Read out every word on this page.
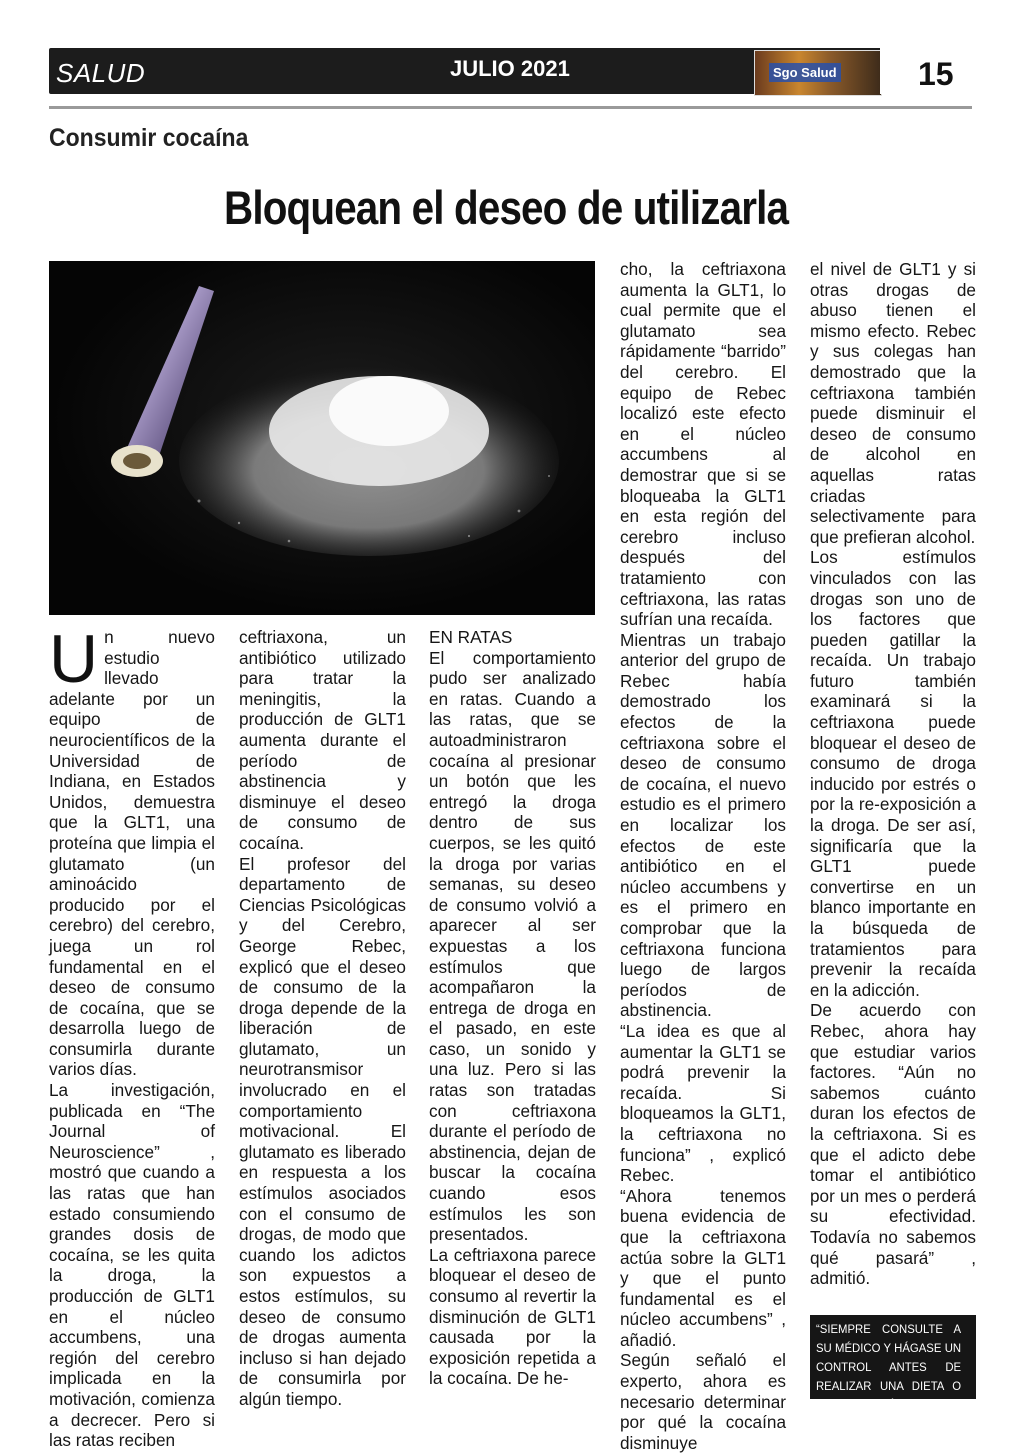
SALUD	JULIO 2021	Sgo Salud	15
Consumir cocaína
Bloquean el deseo de utilizarla

Un nuevo estudio llevado adelante por un equipo de neurocientíficos de la Universidad de Indiana, en Estados Unidos, demuestra que la GLT1, una proteína que limpia el glutamato (un aminoácido producido por el cerebro) del cerebro, juega un rol fundamental en el deseo de consumo de cocaína, que se desarrolla luego de consumirla durante varios días.

La investigación, publicada en “The Journal of Neuroscience” , mostró que cuando a las ratas que han estado consumiendo grandes dosis de cocaína, se les quita la droga, la producción de GLT1 en el núcleo accumbens, una región del cerebro implicada en la motivación, comienza a decrecer. Pero si las ratas reciben

ceftriaxona, un antibiótico utilizado para tratar la meningitis, la producción de GLT1 aumenta durante el período de abstinencia y disminuye el deseo de consumo de cocaína.

El profesor del departamento de Ciencias Psicológicas y del Cerebro, George Rebec, explicó que el deseo de consumo de la droga depende de la liberación de glutamato, un neurotransmisor involucrado en el comportamiento motivacional. El glutamato es liberado en respuesta a los estímulos asociados con el consumo de drogas, de modo que cuando los adictos son expuestos a estos estímulos, su deseo de consumo de drogas aumenta incluso si han dejado de consumirla por algún tiempo.

EN RATAS

El comportamiento pudo ser analizado en ratas. Cuando a las ratas, que se autoadministraron cocaína al presionar un botón que les entregó la droga dentro de sus cuerpos, se les quitó la droga por varias semanas, su deseo de consumo volvió a aparecer al ser expuestas a los estímulos que acompañaron la entrega de droga en el pasado, en este caso, un sonido y una luz. Pero si las ratas son tratadas con ceftriaxona durante el período de abstinencia, dejan de buscar la cocaína cuando esos estímulos les son presentados.

La ceftriaxona parece bloquear el deseo de consumo al revertir la disminución de GLT1 causada por la exposición repetida a la cocaína. De he-

cho, la ceftriaxona aumenta la GLT1, lo cual permite que el glutamato sea rápidamente “barrido” del cerebro. El equipo de Rebec localizó este efecto en el núcleo accumbens al demostrar que si se bloqueaba la GLT1 en esta región del cerebro incluso después del tratamiento con ceftriaxona, las ratas sufrían una recaída.

Mientras un trabajo anterior del grupo de Rebec había demostrado los efectos de la ceftriaxona sobre el deseo de consumo de cocaína, el nuevo estudio es el primero en localizar los efectos de este antibiótico en el núcleo accumbens y es el primero en comprobar que la ceftriaxona funciona luego de largos períodos de abstinencia.

“La idea es que al aumentar la GLT1 se podrá prevenir la recaída. Si bloqueamos la GLT1, la ceftriaxona no funciona” , explicó Rebec.

“Ahora tenemos buena evidencia de que la ceftriaxona actúa sobre la GLT1 y que el punto fundamental es el núcleo accumbens” , añadió.

Según señaló el experto, ahora es necesario determinar por qué la cocaína disminuye

el nivel de GLT1 y si otras drogas de abuso tienen el mismo efecto. Rebec y sus colegas han demostrado que la ceftriaxona también puede disminuir el deseo de consumo de alcohol en aquellas ratas criadas selectivamente para que prefieran alcohol.

Los estímulos vinculados con las drogas son uno de los factores que pueden gatillar la recaída. Un trabajo futuro también examinará si la ceftriaxona puede bloquear el deseo de consumo de droga inducido por estrés o por la re-exposición a la droga. De ser así, significaría que la GLT1 puede convertirse en un blanco importante en la búsqueda de tratamientos para prevenir la recaída en la adicción.

De acuerdo con Rebec, ahora hay que estudiar varios factores. “Aún no sabemos cuánto duran los efectos de la ceftriaxona. Si es que el adicto debe tomar el antibiótico por un mes o perderá su efectividad. Todavía no sabemos qué pasará” , admitió.

“SIEMPRE CONSULTE A SU MÉDICO Y HÁGASE UN CONTROL ANTES DE REALIZAR UNA DIETA O ACTIVADAD FÍSICA”
